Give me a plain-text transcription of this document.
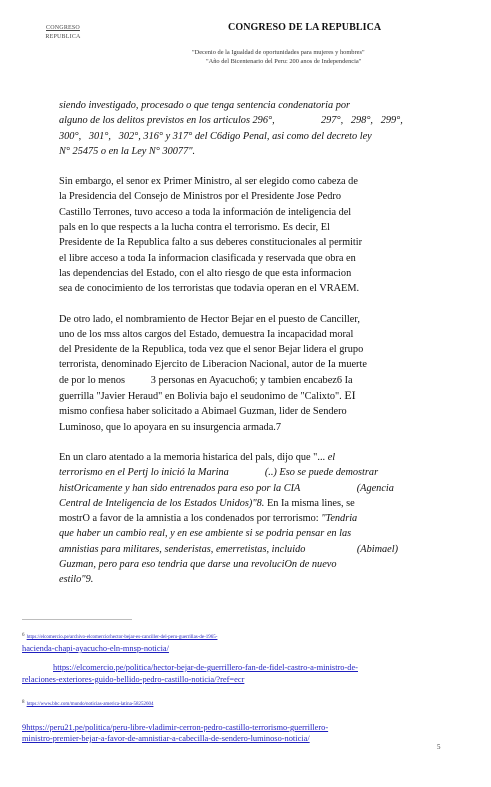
CONGRESO
REPUBLICA
CONGRESO DE LA REPUBLICA
"Decenio de la Igualdad de oportunidades para mujeres y hombres"
"Año del Bicentenario del Peru: 200 anos de Independencia"
siendo investigado, procesado o que tenga sentencia condenatoria por
alguno de los delitos previstos en los articulos 296°,                  297°,   298°,   299°,
300°,   301°,   302°, 316° y 317° del C6digo Penal, asi como del decreto ley
N° 25475 o en la Ley N° 30077".
Sin embargo, el senor ex Primer Ministro, al ser elegido como cabeza de
la Presidencia del Consejo de Ministros por el Presidente Jose Pedro
Castillo Terrones, tuvo acceso a toda la información de inteligencia del
pals en lo que respects a la lucha contra el terrorismo. Es decir, El
Presidente de Ia Republica falto a sus deberes constitucionales al permitir
el libre acceso a toda Ia informacion clasificada y reservada que obra en
las dependencias del Estado, con el alto riesgo de que esta informacion
sea de conocimiento de los terroristas que todavia operan en el VRAEM.
De otro lado, el nombramiento de Hector Bejar en el puesto de Canciller,
uno de los mss altos cargos del Estado, demuestra Ia incapacidad moral
del Presidente de la Republica, toda vez que el senor Bejar lidera el grupo
terrorista, denominado Ejercito de Liberacion Nacional, autor de Ia muerte
de por lo menos          3 personas en Ayacucho6; y tambien encabez6 Ia
guerrilla "Javier Heraud" en Bolivia bajo el seudonimo de "Calixto". EI
mismo confiesa haber solicitado a Abimael Guzman, lider de Sendero
Luminoso, que lo apoyara en su insurgencia armada.7
En un claro atentado a la memoria histarica del pals, dijo que "... el
terrorismo en el Pertj lo inició la Marina              (..) Eso se puede demostrar
histOricamente y han sido entrenados para eso por la CIA                      (Agencia
Central de Inteligencia de los Estados Unidos)"8. En Ia misma lines, se
mostrO a favor de la amnistia a los condenados por terrorismo: "Tendria
que haber un cambio real, y en ese ambiente si se podria pensar en las
amnistias para militares, senderistas, emerretistas, incluido                    (Abimael)
Guzman, pero para eso tendria que darse una revoluciOn de nuevo
estilo"9.
$^6$ https://elcomercio.pe/archivo-elcomercio/hector-bejar-es-canciller-del-peru-guerrillas-de-1965-
hacienda-chapi-ayacucho-eln-mnsp-noticia/
https://elcomercio.pe/politica/hector-bejar-de-guerrillero-fan-de-fidel-castro-a-ministro-de-
relaciones-exteriores-guido-bellido-pedro-castillo-noticia/?ref=ecr
$^8$ https://www.bbc.com/mundo/noticias-america-latina-58252604
9https://peru21.pe/politica/peru-libre-vladimir-cerron-pedro-castillo-terrorismo-guerrillero-
ministro-premier-bejar-a-favor-de-amnistiar-a-cabecilla-de-sendero-luminoso-noticia/
5
